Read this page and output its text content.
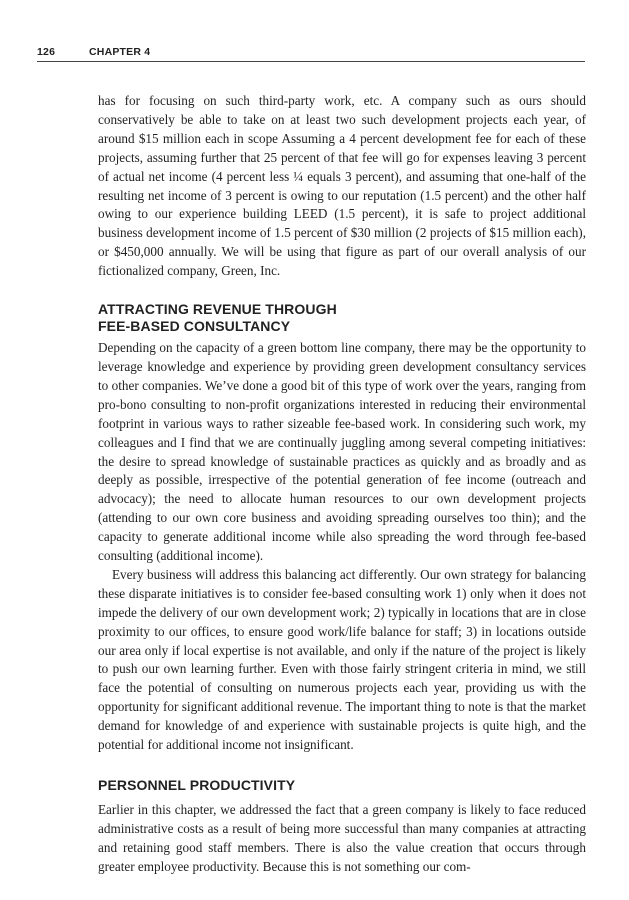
126	CHAPTER 4

has for focusing on such third-party work, etc. A company such as ours should conservatively be able to take on at least two such development projects each year, of around $15 million each in scope Assuming a 4 percent development fee for each of these projects, assuming further that 25 percent of that fee will go for expenses leaving 3 percent of actual net income (4 percent less ¼ equals 3 percent), and assuming that one-half of the resulting net income of 3 percent is owing to our reputation (1.5 percent) and the other half owing to our experience building LEED (1.5 percent), it is safe to project additional business development income of 1.5 percent of $30 million (2 projects of $15 million each), or $450,000 annually. We will be using that figure as part of our overall analysis of our fictionalized company, Green, Inc.

ATTRACTING REVENUE THROUGH
FEE-BASED CONSULTANCY

Depending on the capacity of a green bottom line company, there may be the opportunity to leverage knowledge and experience by providing green development consultancy services to other companies. We’ve done a good bit of this type of work over the years, ranging from pro-bono consulting to non-profit organizations interested in reducing their environmental footprint in various ways to rather sizeable fee-based work. In considering such work, my colleagues and I find that we are continually juggling among several competing initiatives: the desire to spread knowledge of sustainable practices as quickly and as broadly and as deeply as possible, irrespective of the potential generation of fee income (outreach and advocacy); the need to allocate human resources to our own development projects (attending to our own core business and avoiding spreading ourselves too thin); and the capacity to generate additional income while also spreading the word through fee-based consulting (additional income).

Every business will address this balancing act differently. Our own strategy for balancing these disparate initiatives is to consider fee-based consulting work 1) only when it does not impede the delivery of our own development work; 2) typically in locations that are in close proximity to our offices, to ensure good work/life balance for staff; 3) in locations outside our area only if local expertise is not available, and only if the nature of the project is likely to push our own learning further. Even with those fairly stringent criteria in mind, we still face the potential of consulting on numerous projects each year, providing us with the opportunity for significant additional revenue. The important thing to note is that the market demand for knowledge of and experience with sustainable projects is quite high, and the potential for additional income not insignificant.

PERSONNEL PRODUCTIVITY

Earlier in this chapter, we addressed the fact that a green company is likely to face reduced administrative costs as a result of being more successful than many companies at attracting and retaining good staff members. There is also the value creation that occurs through greater employee productivity. Because this is not something our com-
